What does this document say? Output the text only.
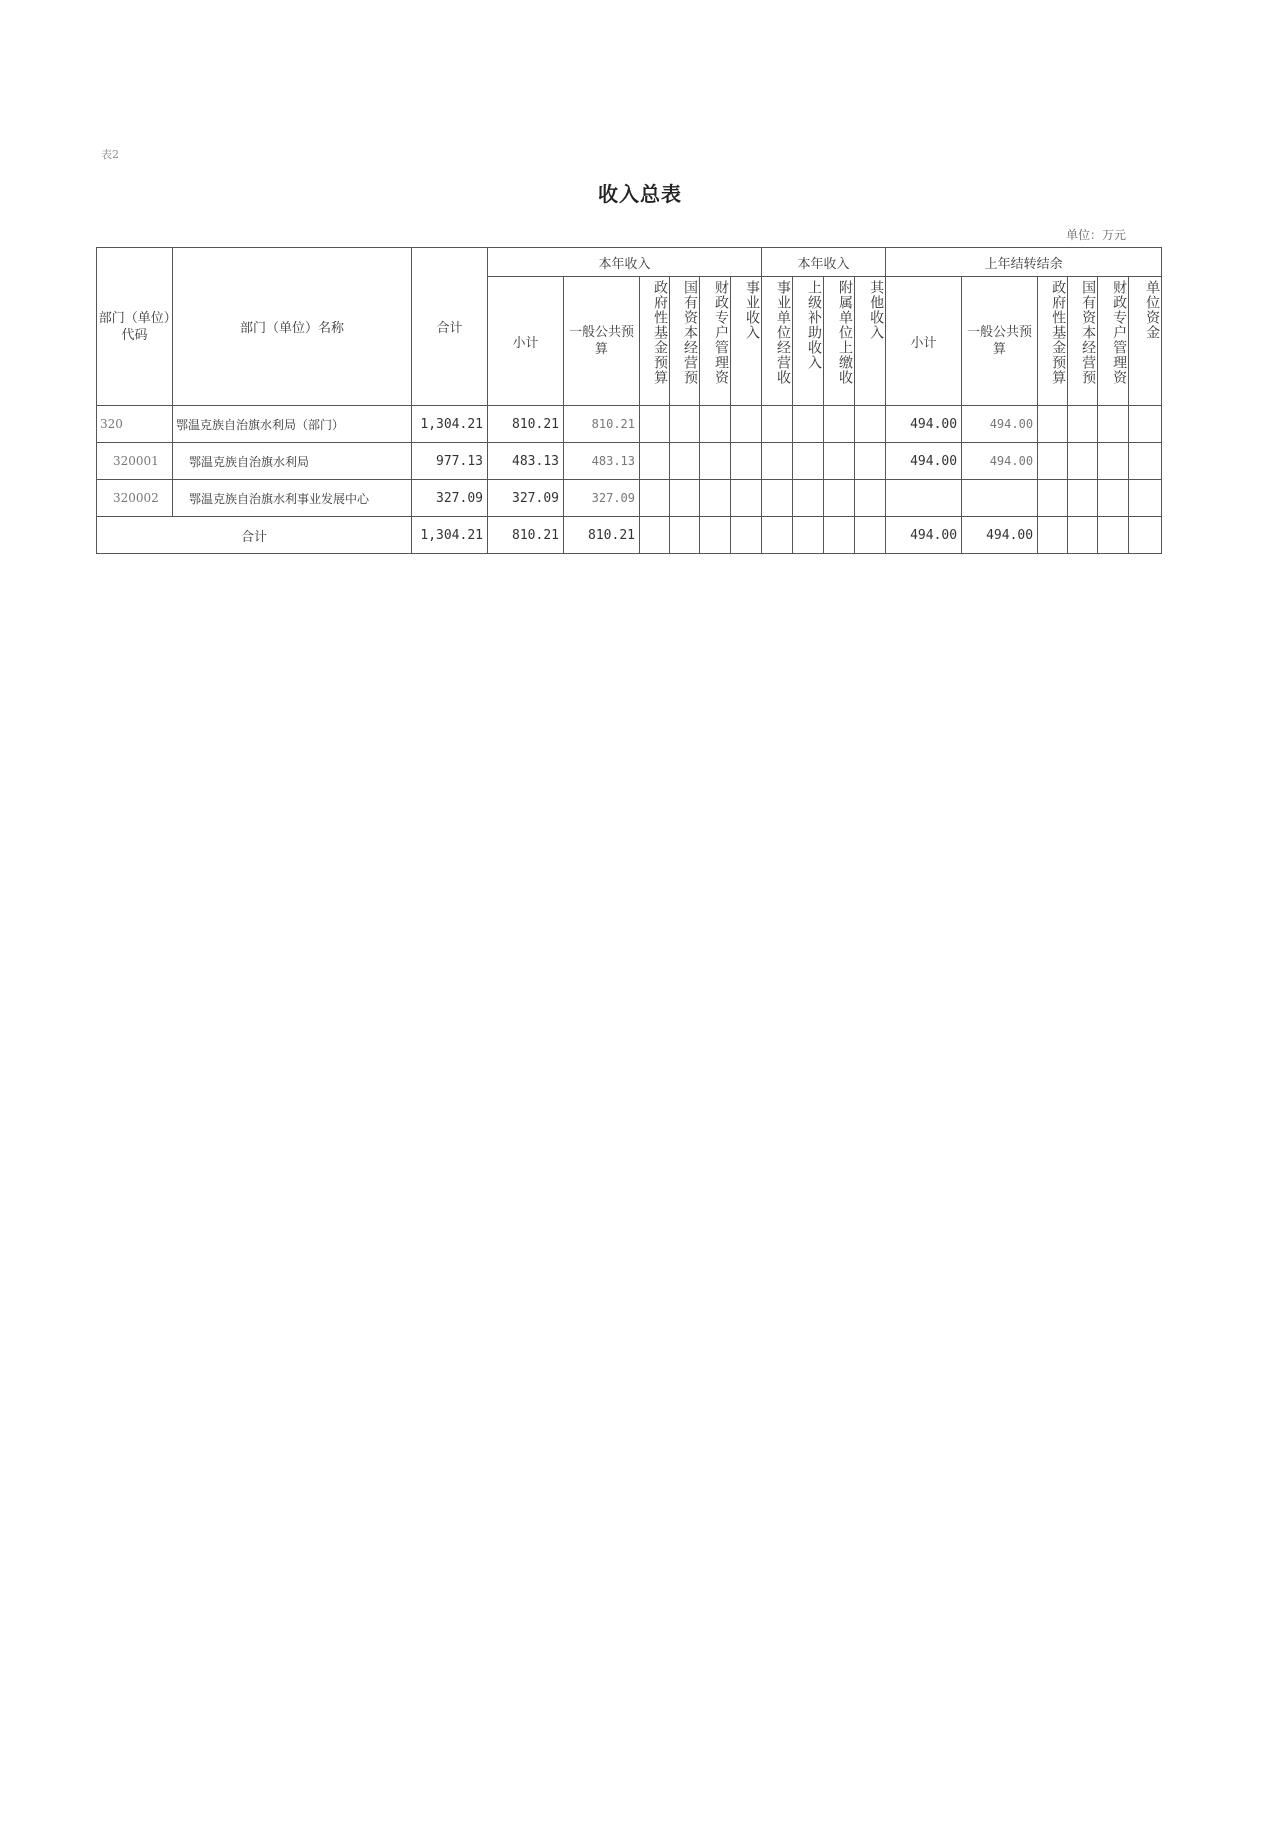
表2
收入总表
单位：万元
部门（单位）代码	部门（单位）名称	合计	本年收入						本年收入				上年结转结余					
			小计	一般公共预算	政府性基金预算	国有资本经营预	财政专户管理资	事业收入	事业单位经营收	上级补助收入	附属单位上缴收	其他收入	小计	一般公共预算	政府性基金预算	国有资本经营预	财政专户管理资	单位资金
320	鄂温克族自治旗水利局（部门）	1,304.21	810.21	810.21									494.00	494.00				
320001	鄂温克族自治旗水利局	977.13	483.13	483.13									494.00	494.00				
320002	鄂温克族自治旗水利事业发展中心	327.09	327.09	327.09														
合计		1,304.21	810.21	810.21									494.00	494.00				
